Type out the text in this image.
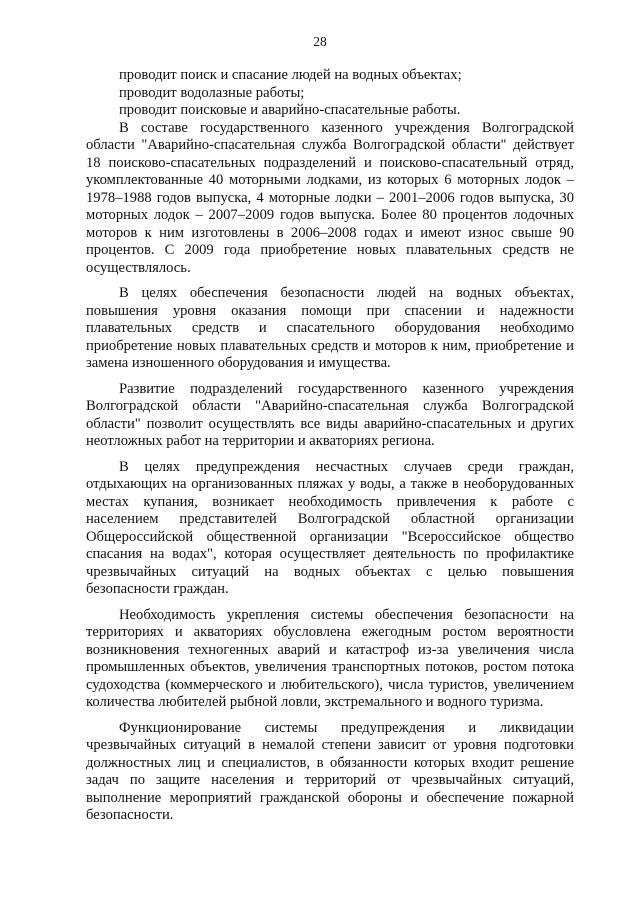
28

проводит поиск и спасание людей на водных объектах;

проводит водолазные работы;

проводит поисковые и аварийно-спасательные работы.

В составе государственного казенного учреждения Волгоградской области "Аварийно-спасательная служба Волгоградской области" действует 18 поисково-спасательных подразделений и поисково-спасательный отряд, укомплектованные 40 моторными лодками, из которых 6 моторных лодок – 1978–1988 годов выпуска, 4 моторные лодки – 2001–2006 годов выпуска, 30 моторных лодок – 2007–2009 годов выпуска. Более 80 процентов лодочных моторов к ним изготовлены в 2006–2008 годах и имеют износ свыше 90 процентов. С 2009 года приобретение новых плавательных средств не осуществлялось.

В целях обеспечения безопасности людей на водных объектах, повышения уровня оказания помощи при спасении и надежности плавательных средств и спасательного оборудования необходимо приобретение новых плавательных средств и моторов к ним, приобретение и замена изношенного оборудования и имущества.

Развитие подразделений государственного казенного учреждения Волгоградской области "Аварийно-спасательная служба Волгоградской области" позволит осуществлять все виды аварийно-спасательных и других неотложных работ на территории и акваториях региона.

В целях предупреждения несчастных случаев среди граждан, отдыхающих на организованных пляжах у воды, а также в необорудованных местах купания, возникает необходимость привлечения к работе с населением представителей Волгоградской областной организации Общероссийской общественной организации "Всероссийское общество спасания на водах", которая осуществляет деятельность по профилактике чрезвычайных ситуаций на водных объектах с целью повышения безопасности граждан.

Необходимость укрепления системы обеспечения безопасности на территориях и акваториях обусловлена ежегодным ростом вероятности возникновения техногенных аварий и катастроф из-за увеличения числа промышленных объектов, увеличения транспортных потоков, ростом потока судоходства (коммерческого и любительского), числа туристов, увеличением количества любителей рыбной ловли, экстремального и водного туризма.

Функционирование системы предупреждения и ликвидации чрезвычайных ситуаций в немалой степени зависит от уровня подготовки должностных лиц и специалистов, в обязанности которых входит решение задач по защите населения и территорий от чрезвычайных ситуаций, выполнение мероприятий гражданской обороны и обеспечение пожарной безопасности.
